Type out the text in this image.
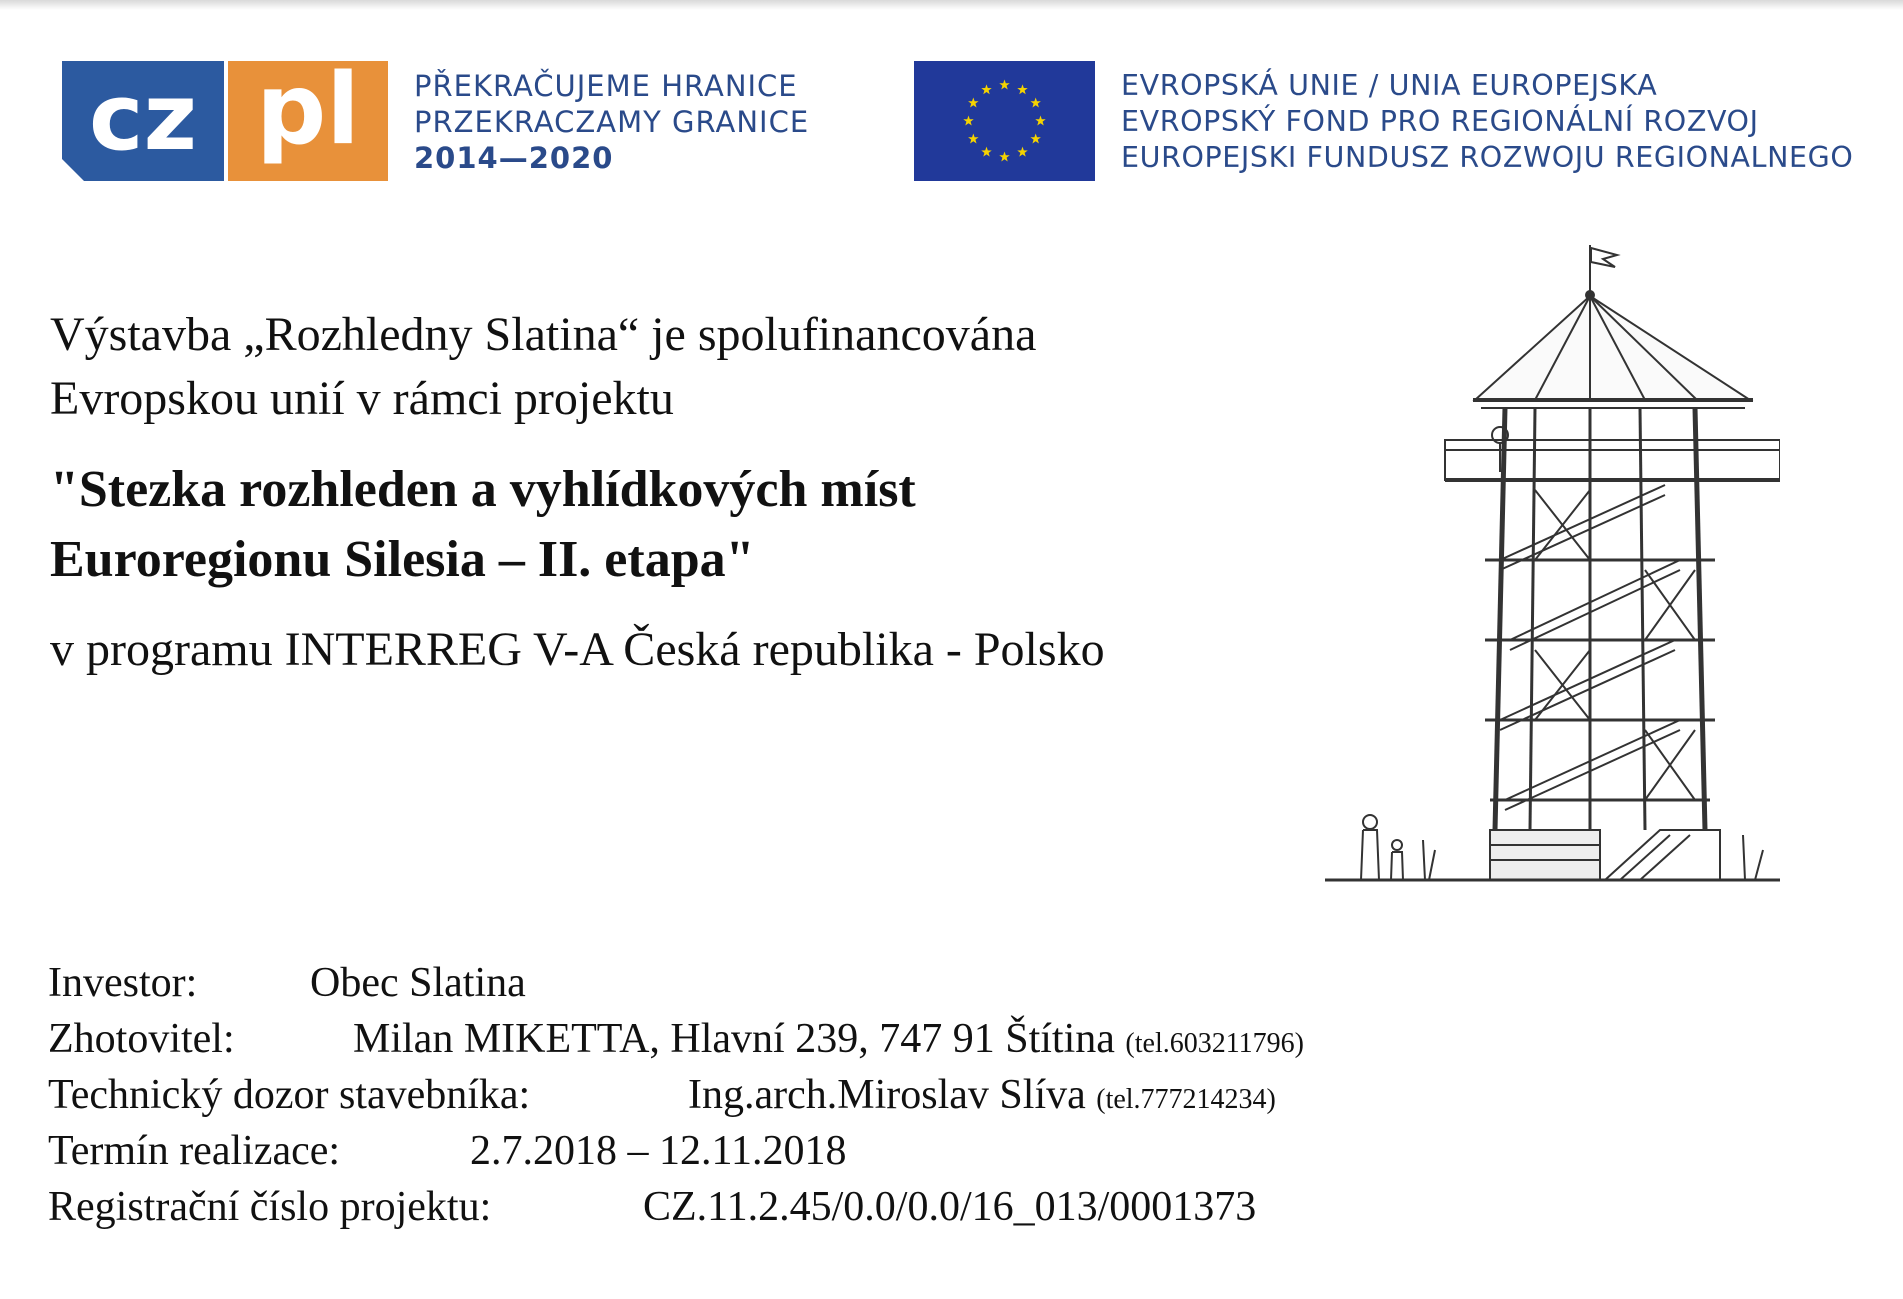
cz pl PŘEKRAČUJEME HRANICE
PRZEKRACZAMY GRANICE
2014—2020
EVROPSKÁ UNIE / UNIA EUROPEJSKA
EVROPSKÝ FOND PRO REGIONÁLNÍ ROZVOJ
EUROPEJSKI FUNDUSZ ROZWOJU REGIONALNEGO
Výstavba „Rozhledny Slatina“ je spolufinancována
Evropskou unií v rámci projektu
"Stezka rozhleden a vyhlídkových míst
Euroregionu Silesia – II. etapa"
v programu INTERREG V-A Česká republika - Polsko
Investor:	Obec Slatina
Zhotovitel:	Milan MIKETTA, Hlavní 239, 747 91 Štítina (tel.603211796)
Technický dozor stavebníka:	Ing.arch.Miroslav Slíva (tel.777214234)
Termín realizace:	2.7.2018 – 12.11.2018
Registrační číslo projektu:	CZ.11.2.45/0.0/0.0/16_013/0001373
